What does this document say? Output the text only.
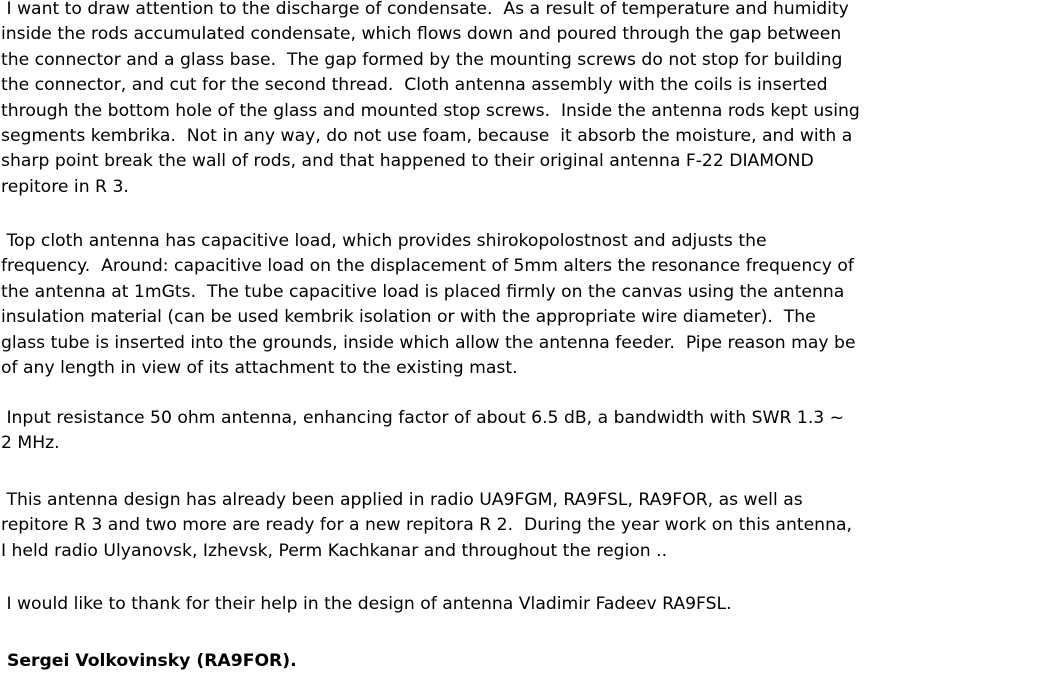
I want to draw attention to the discharge of condensate.  As a result of temperature and humidity
inside the rods accumulated condensate, which flows down and poured through the gap between
the connector and a glass base.  The gap formed by the mounting screws do not stop for building
the connector, and cut for the second thread.  Cloth antenna assembly with the coils is inserted
through the bottom hole of the glass and mounted stop screws.  Inside the antenna rods kept using
segments kembrika.  Not in any way, do not use foam, because  it absorb the moisture, and with a
sharp point break the wall of rods, and that happened to their original antenna F-22 DIAMOND
repitore in R 3.

Top cloth antenna has capacitive load, which provides shirokopolostnost and adjusts the
frequency.  Around: capacitive load on the displacement of 5mm alters the resonance frequency of
the antenna at 1mGts.  The tube capacitive load is placed firmly on the canvas using the antenna
insulation material (can be used kembrik isolation or with the appropriate wire diameter).  The
glass tube is inserted into the grounds, inside which allow the antenna feeder.  Pipe reason may be
of any length in view of its attachment to the existing mast.

Input resistance 50 ohm antenna, enhancing factor of about 6.5 dB, a bandwidth with SWR 1.3 ~
2 MHz.

This antenna design has already been applied in radio UA9FGM, RA9FSL, RA9FOR, as well as
repitore R 3 and two more are ready for a new repitora R 2.  During the year work on this antenna,
I held radio Ulyanovsk, Izhevsk, Perm Kachkanar and throughout the region ..

I would like to thank for their help in the design of antenna Vladimir Fadeev RA9FSL.

Sergei Volkovinsky (RA9FOR).
